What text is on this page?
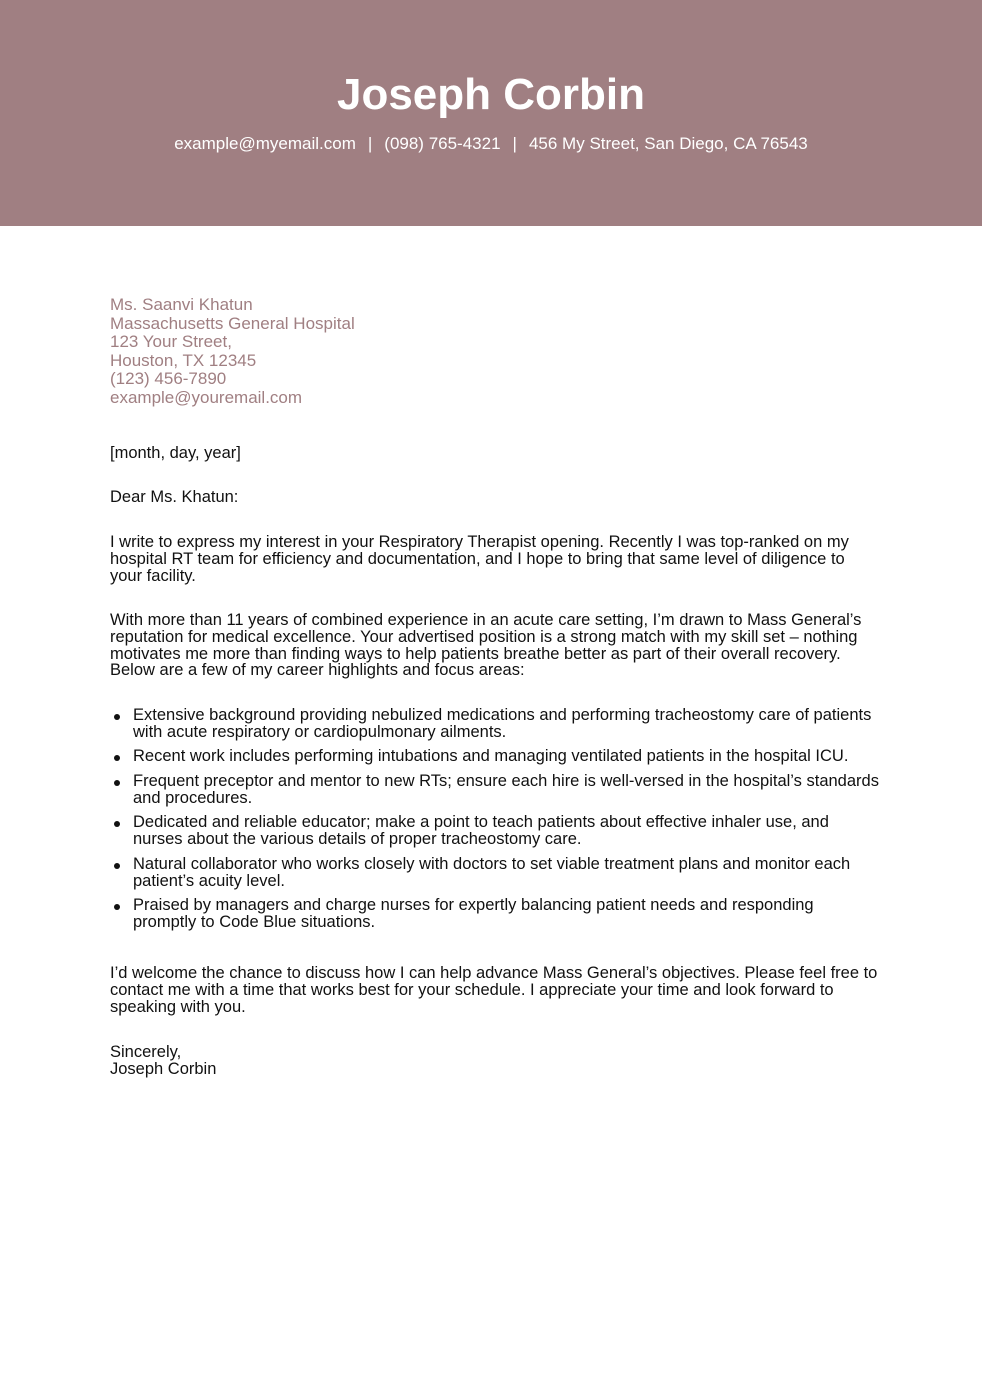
Joseph Corbin
example@myemail.com | (098) 765-4321 | 456 My Street, San Diego, CA 76543
Ms. Saanvi Khatun
Massachusetts General Hospital
123 Your Street,
Houston, TX 12345
(123) 456-7890
example@youremail.com
[month, day, year]
Dear Ms. Khatun:
I write to express my interest in your Respiratory Therapist opening. Recently I was top-ranked on my hospital RT team for efficiency and documentation, and I hope to bring that same level of diligence to your facility.
With more than 11 years of combined experience in an acute care setting, I’m drawn to Mass General’s reputation for medical excellence. Your advertised position is a strong match with my skill set – nothing motivates me more than finding ways to help patients breathe better as part of their overall recovery. Below are a few of my career highlights and focus areas:
Extensive background providing nebulized medications and performing tracheostomy care of patients with acute respiratory or cardiopulmonary ailments.
Recent work includes performing intubations and managing ventilated patients in the hospital ICU.
Frequent preceptor and mentor to new RTs; ensure each hire is well-versed in the hospital’s standards and procedures.
Dedicated and reliable educator; make a point to teach patients about effective inhaler use, and nurses about the various details of proper tracheostomy care.
Natural collaborator who works closely with doctors to set viable treatment plans and monitor each patient’s acuity level.
Praised by managers and charge nurses for expertly balancing patient needs and responding promptly to Code Blue situations.
I’d welcome the chance to discuss how I can help advance Mass General’s objectives. Please feel free to contact me with a time that works best for your schedule. I appreciate your time and look forward to speaking with you.
Sincerely,
Joseph Corbin
